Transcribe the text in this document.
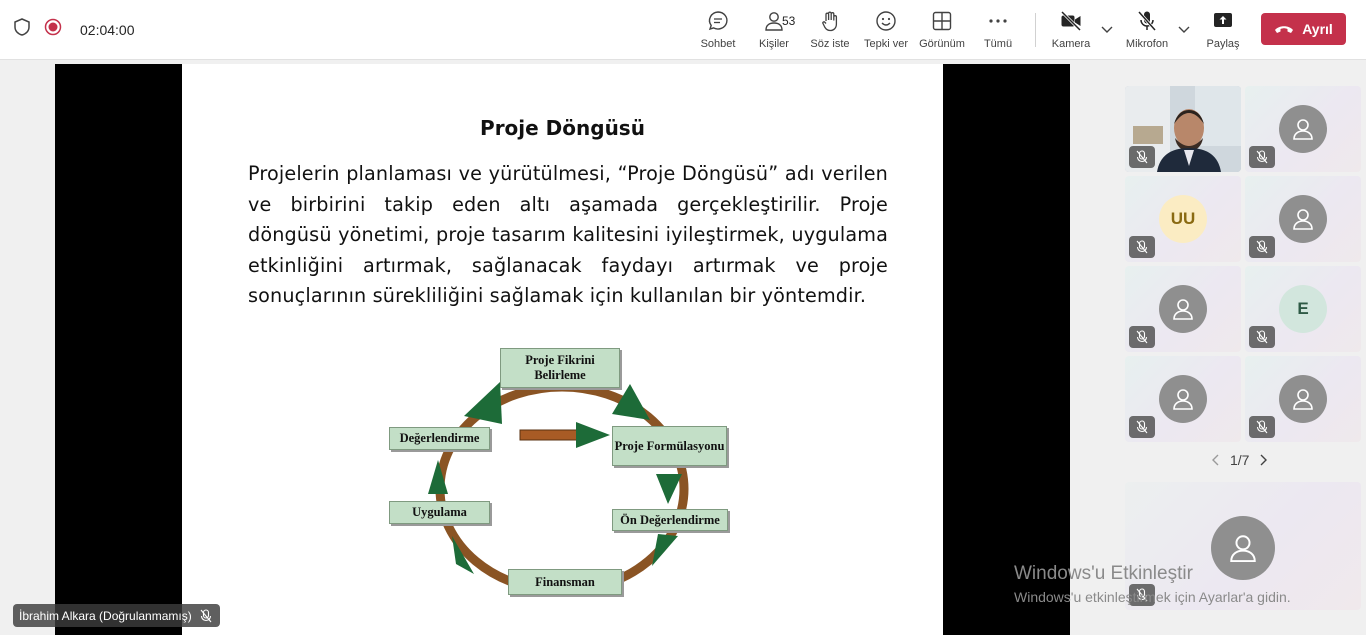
02:04:00
Sohbet
53
Kişiler Söz iste Tepki ver Görünüm Tümü	Kamera	Mikrofon	Paylaş
Ayrıl
Proje Döngüsü
Projelerin planlaması ve yürütülmesi, “Proje Döngüsü” adı verilen ve birbirini takip eden altı aşamada gerçekleştirilir. Proje döngüsü yönetimi, proje tasarım kalitesini iyileştirmek, uygulama etkinliğini artırmak, sağlanacak faydayı artırmak ve proje sonuçlarının sürekliliğini sağlamak için kullanılan bir yöntemdir.
Proje Fikrini Belirleme
Proje Formülasyonu
Ön Değerlendirme
Finansman
Uygulama
Değerlendirme
İbrahim Alkara (Doğrulanmamış)
UU
E
1/7
Windows'u Etkinleştir
Windows'u etkinleştirmek için Ayarlar'a gidin.
